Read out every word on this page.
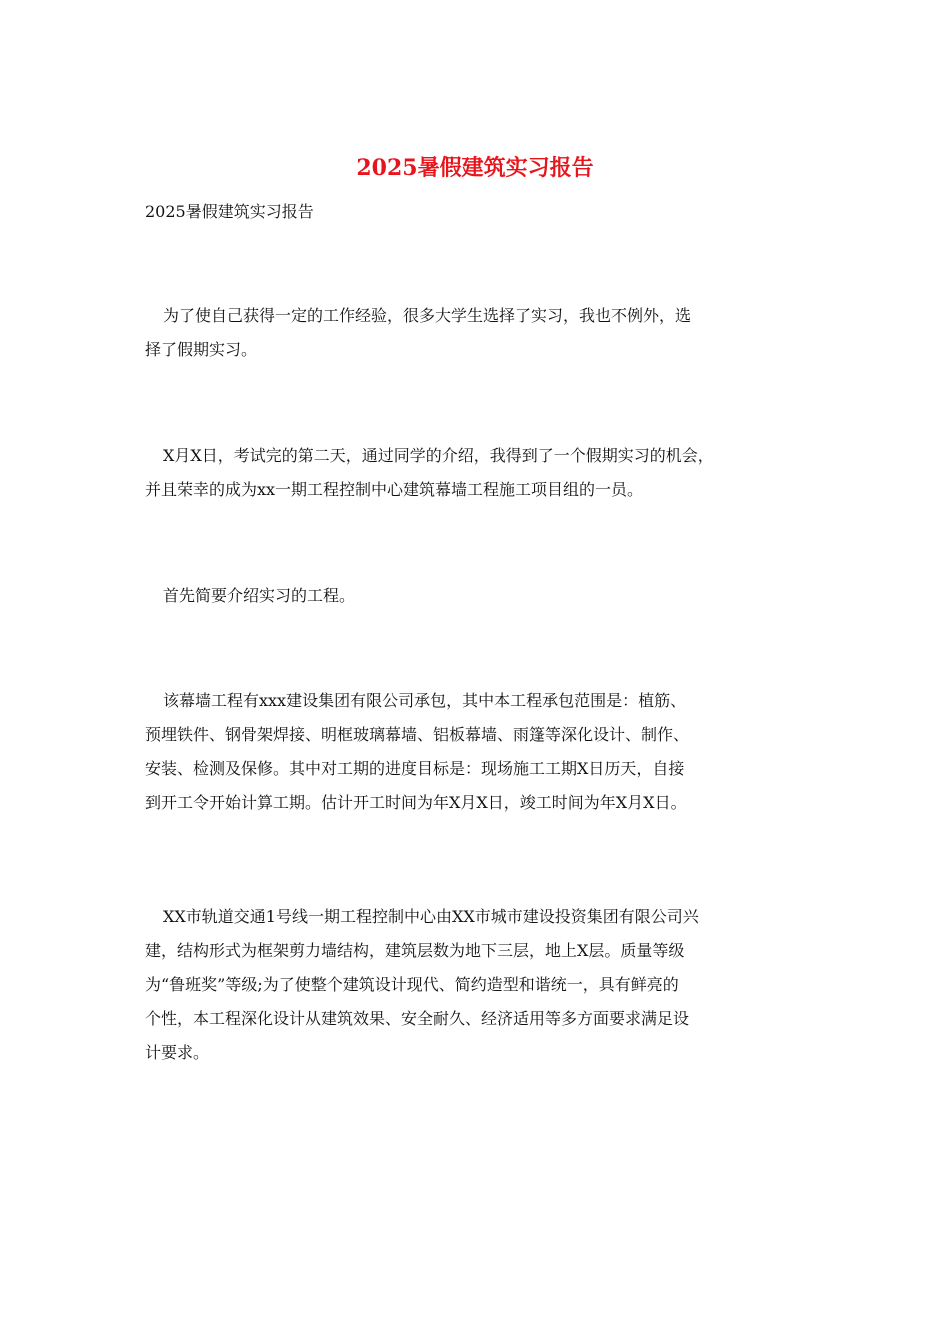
2025暑假建筑实习报告

2025暑假建筑实习报告

为了使自己获得一定的工作经验，很多大学生选择了实习，我也不例外，选
择了假期实习。

X月X日，考试完的第二天，通过同学的介绍，我得到了一个假期实习的机会，
并且荣幸的成为xx一期工程控制中心建筑幕墙工程施工项目组的一员。

首先简要介绍实习的工程。

该幕墙工程有xxx建设集团有限公司承包，其中本工程承包范围是：植筋、
预埋铁件、钢骨架焊接、明框玻璃幕墙、铝板幕墙、雨篷等深化设计、制作、
安装、检测及保修。其中对工期的进度目标是：现场施工工期X日历天，自接
到开工令开始计算工期。估计开工时间为年X月X日，竣工时间为年X月X日。

XX市轨道交通1号线一期工程控制中心由XX市城市建设投资集团有限公司兴
建，结构形式为框架剪力墙结构，建筑层数为地下三层，地上X层。质量等级
为“鲁班奖”等级;为了使整个建筑设计现代、简约造型和谐统一，具有鲜亮的
个性，本工程深化设计从建筑效果、安全耐久、经济适用等多方面要求满足设
计要求。
